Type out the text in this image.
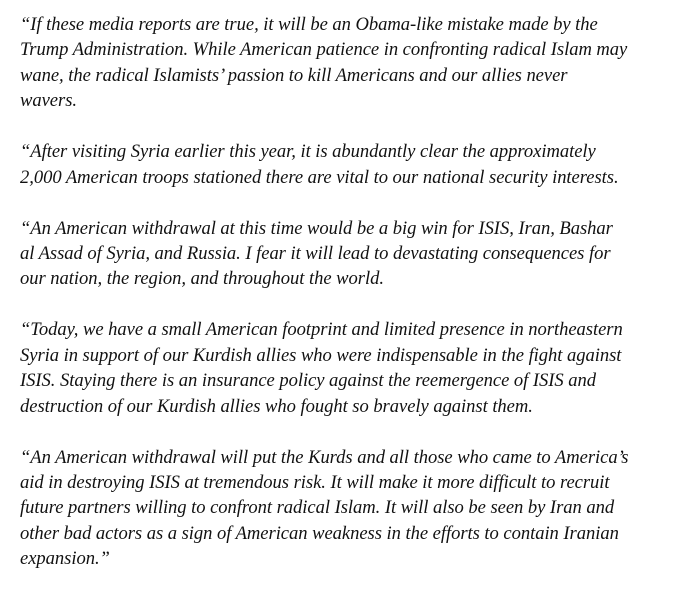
“If these media reports are true, it will be an Obama-like mistake made by the
Trump Administration. While American patience in confronting radical Islam may
wane, the radical Islamists’ passion to kill Americans and our allies never
wavers.

“After visiting Syria earlier this year, it is abundantly clear the approximately
2,000 American troops stationed there are vital to our national security interests.

“An American withdrawal at this time would be a big win for ISIS, Iran, Bashar
al Assad of Syria, and Russia. I fear it will lead to devastating consequences for
our nation, the region, and throughout the world.

“Today, we have a small American footprint and limited presence in northeastern
Syria in support of our Kurdish allies who were indispensable in the fight against
ISIS. Staying there is an insurance policy against the reemergence of ISIS and
destruction of our Kurdish allies who fought so bravely against them.

“An American withdrawal will put the Kurds and all those who came to America’s
aid in destroying ISIS at tremendous risk. It will make it more difficult to recruit
future partners willing to confront radical Islam. It will also be seen by Iran and
other bad actors as a sign of American weakness in the efforts to contain Iranian
expansion.”
